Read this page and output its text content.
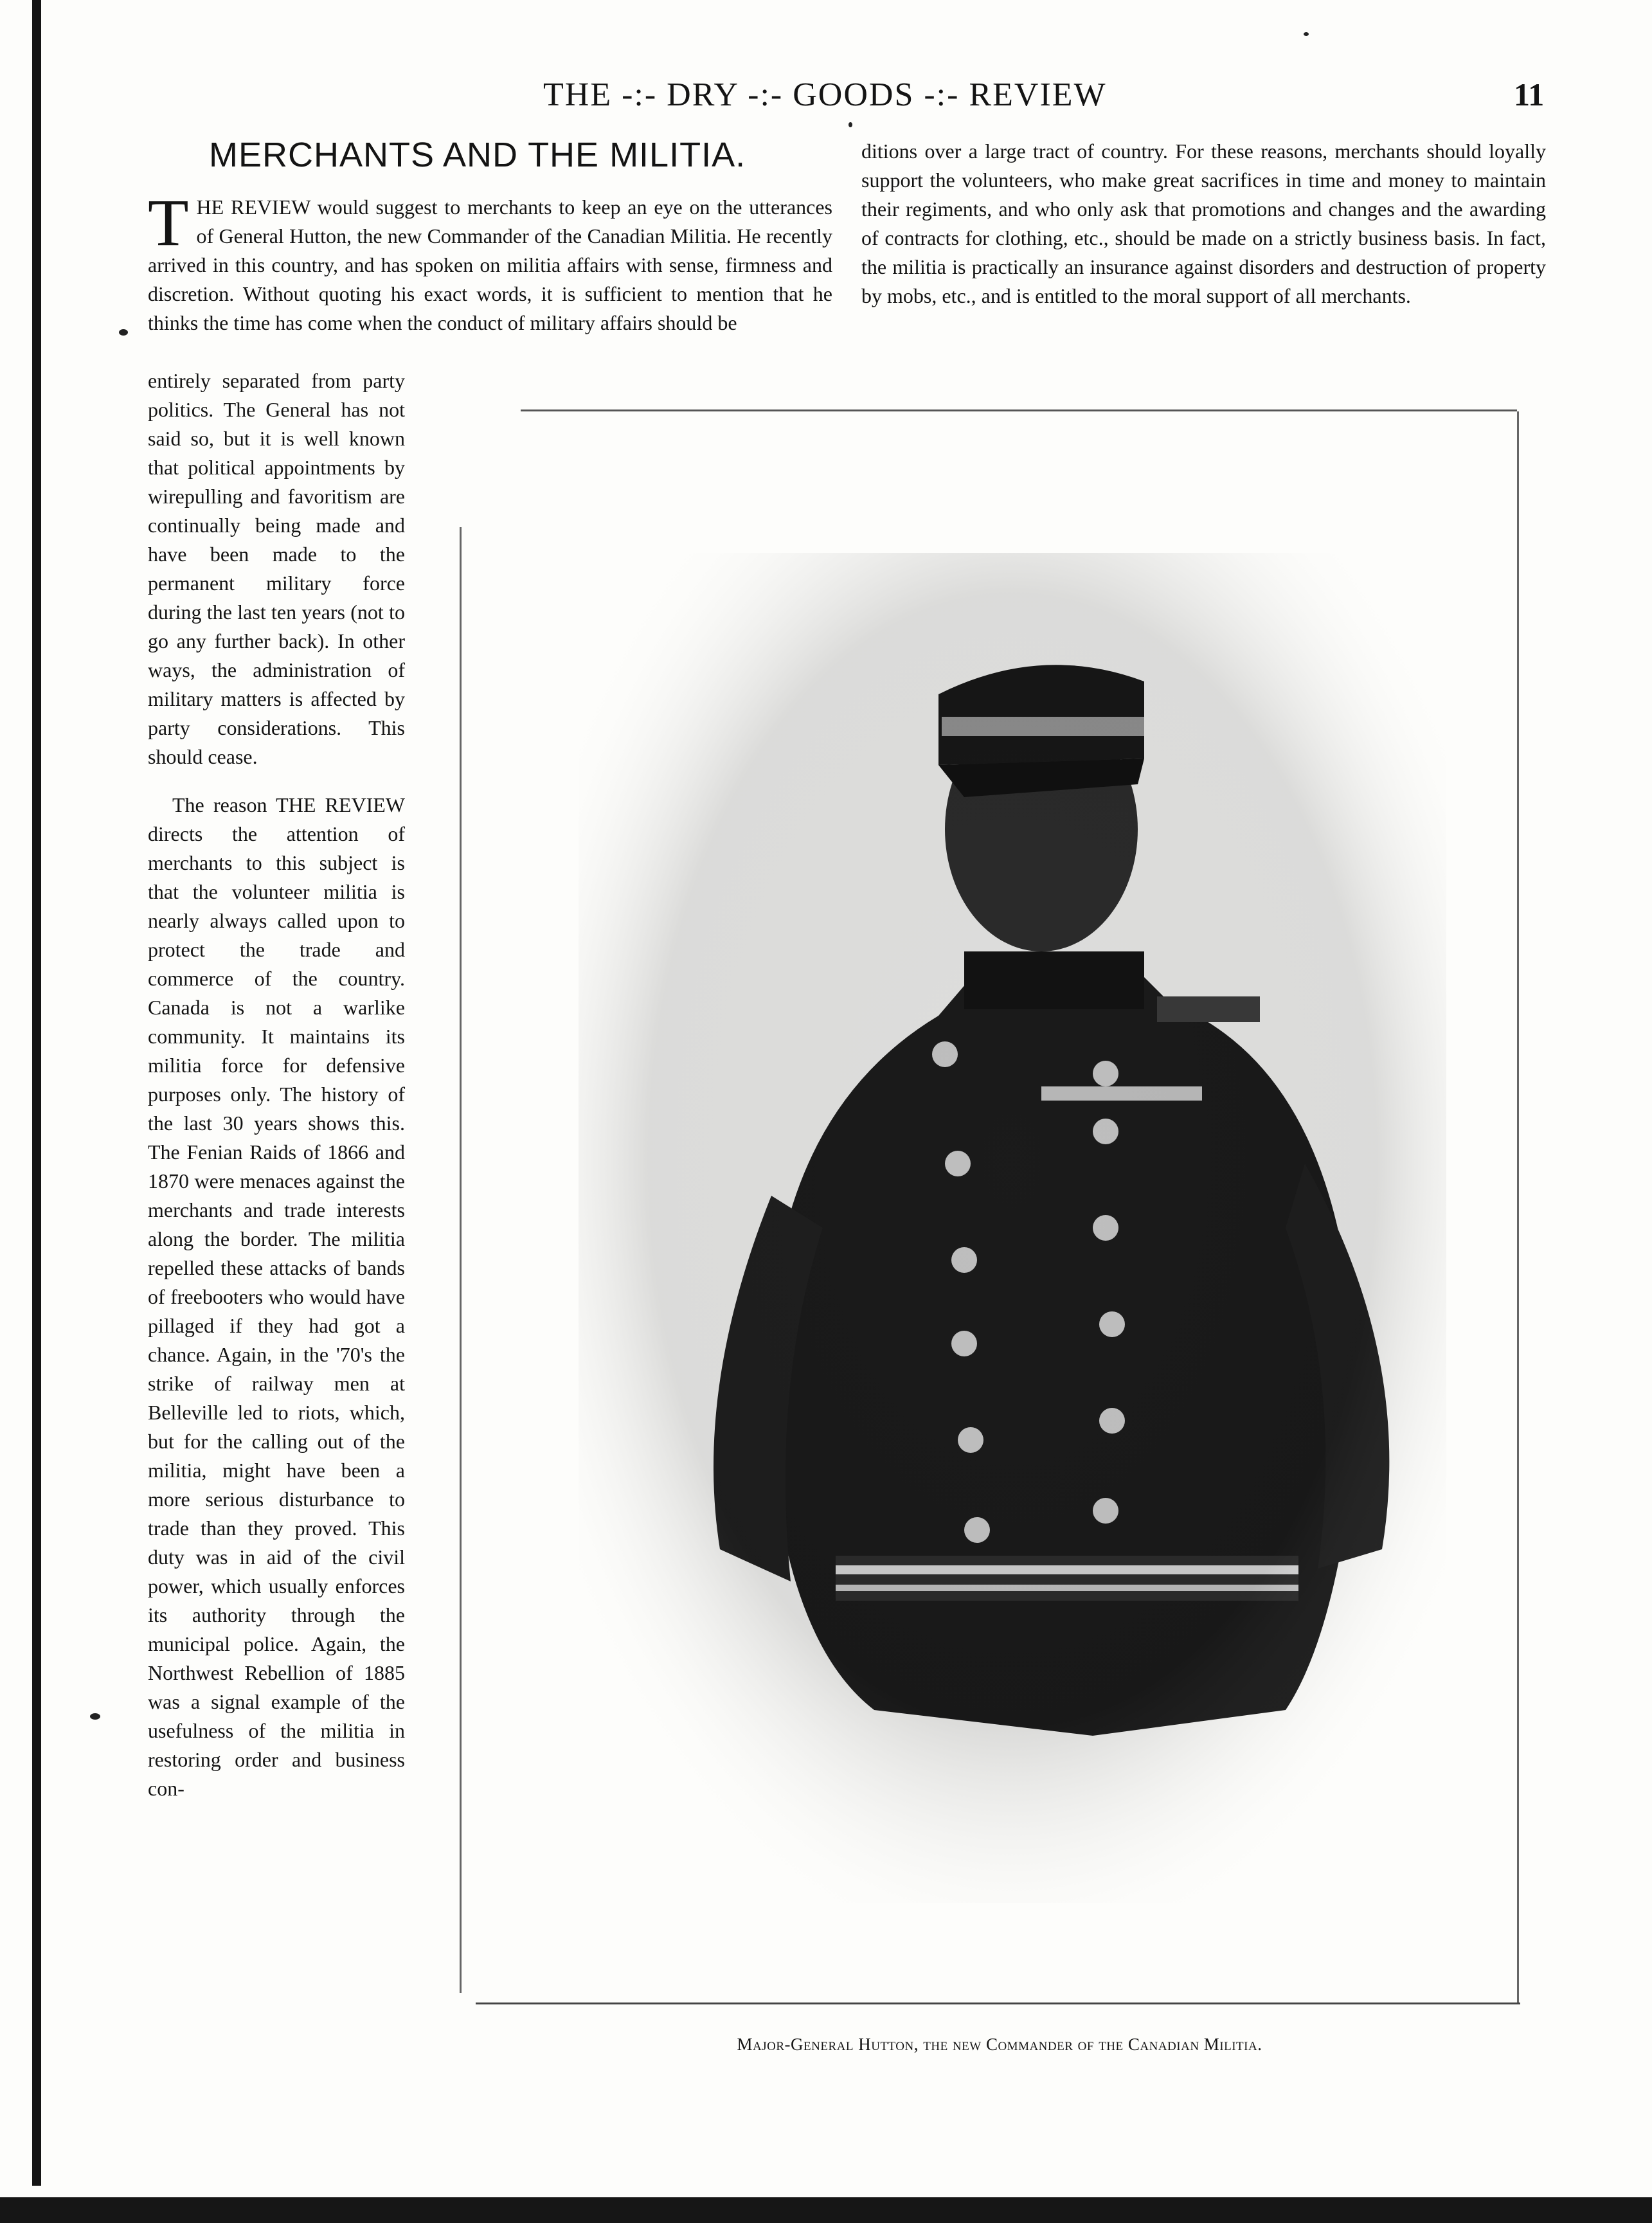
THE -:- DRY -:- GOODS -:- REVIEW	11
MERCHANTS AND THE MILITIA.
T HE REVIEW would suggest to merchants to keep an eye on the utterances of General Hutton, the new Commander of the Canadian Militia. He recently arrived in this country, and has spoken on militia affairs with sense, firmness and discretion. Without quoting his exact words, it is sufficient to mention that he thinks the time has come when the conduct of military affairs should be

entirely separated from party politics. The General has not said so, but it is well known that political appointments by wirepulling and favoritism are continually being made and have been made to the permanent military force during the last ten years (not to go any further back). In other ways, the administration of military matters is affected by party considerations. This should cease.

The reason THE REVIEW directs the attention of merchants to this subject is that the volunteer militia is nearly always called upon to protect the trade and commerce of the country. Canada is not a warlike community. It maintains its militia force for defensive purposes only. The history of the last 30 years shows this. The Fenian Raids of 1866 and 1870 were menaces against the merchants and trade interests along the border. The militia repelled these attacks of bands of freebooters who would have pillaged if they had got a chance. Again, in the '70's the strike of railway men at Belleville led to riots, which, but for the calling out of the militia, might have been a more serious disturbance to trade than they proved. This duty was in aid of the civil power, which usually enforces its authority through the municipal police. Again, the Northwest Rebellion of 1885 was a signal example of the usefulness of the militia in restoring order and business con-

ditions over a large tract of country. For these reasons, merchants should loyally support the volunteers, who make great sacrifices in time and money to maintain their regiments, and who only ask that promotions and changes and the awarding of contracts for clothing, etc., should be made on a strictly business basis. In fact, the militia is practically an insurance against disorders and destruction of property by mobs, etc., and is entitled to the moral support of all merchants.

Major-General Hutton, the new Commander of the Canadian Militia.
